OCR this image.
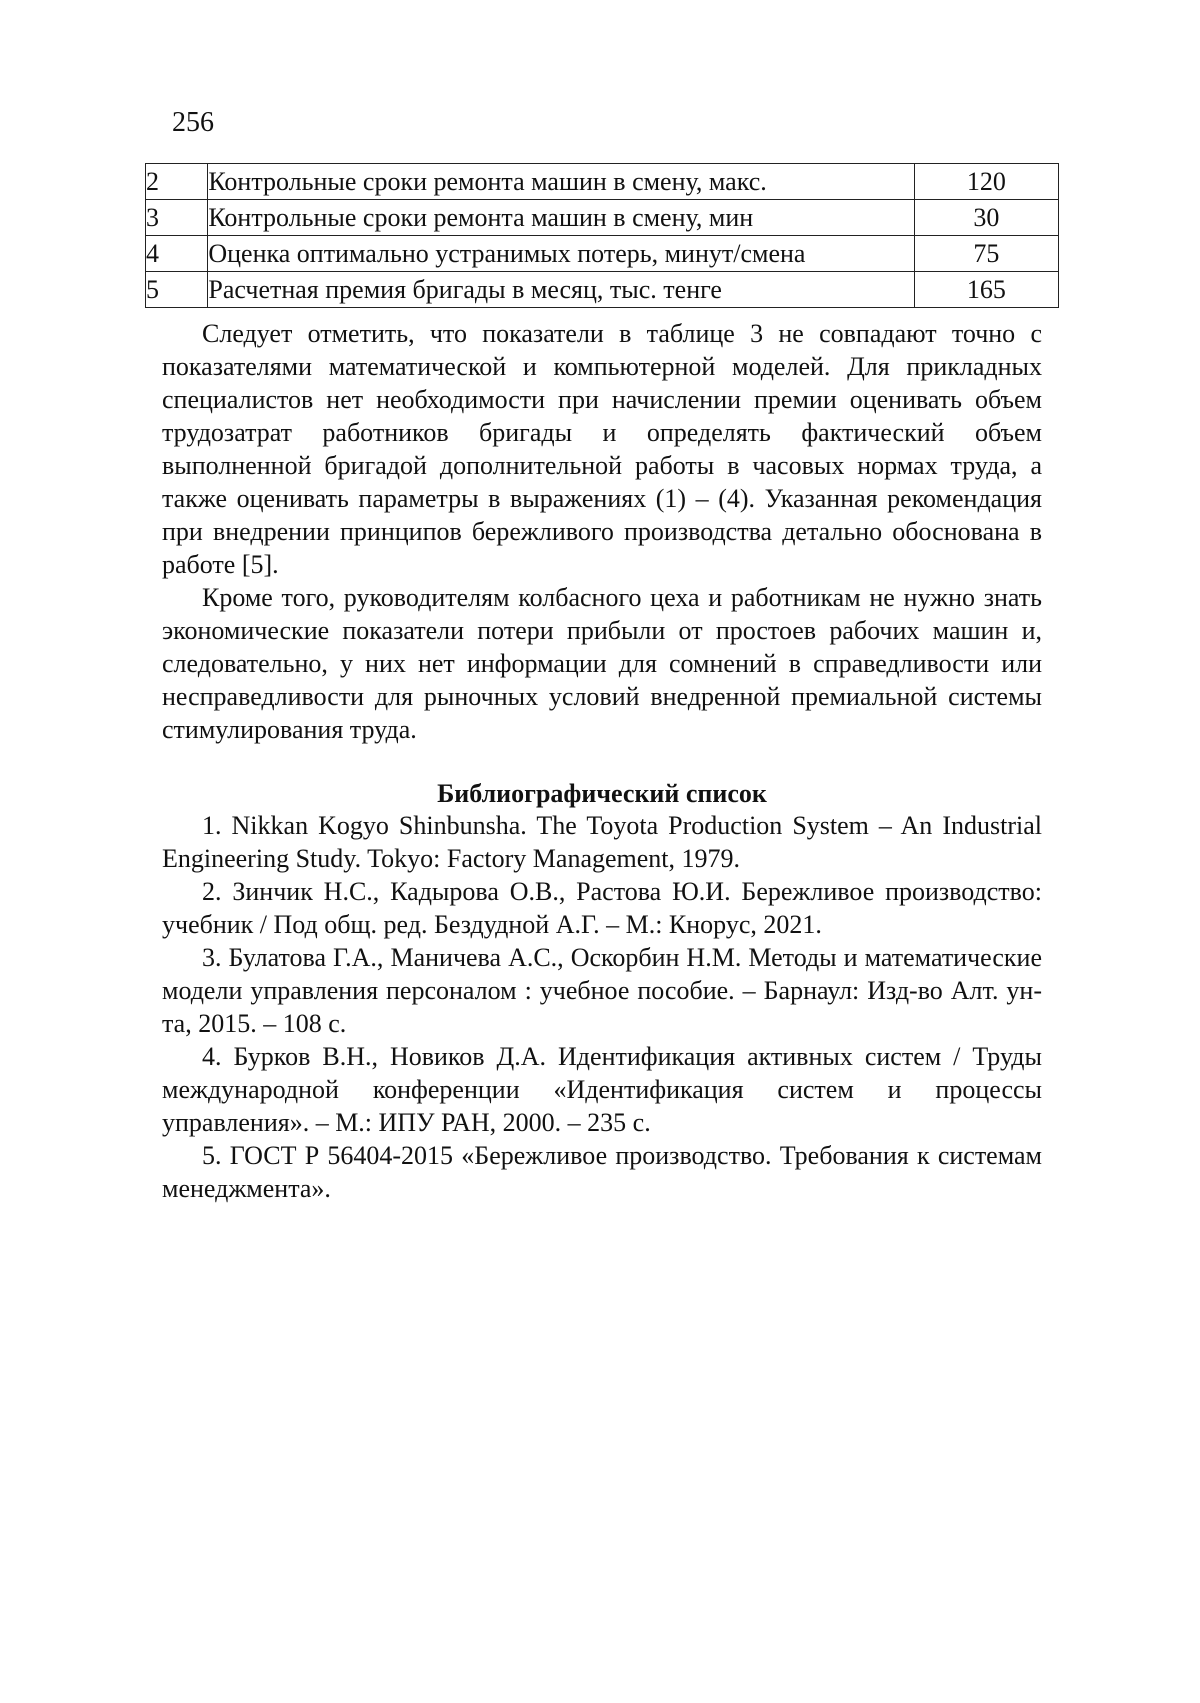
256
2	Контрольные сроки ремонта машин в смену, макс.	120
3	Контрольные сроки ремонта машин в смену, мин	30
4	Оценка оптимально устранимых потерь, минут/смена	75
5	Расчетная премия бригады в месяц, тыс. тенге	165

Следует отметить, что показатели в таблице 3 не совпадают точно с показателями математической и компьютерной моделей. Для прикладных специалистов нет необходимости при начислении премии оценивать объем трудозатрат работников бригады и определять фактический объем выполненной бригадой дополнительной работы в часовых нормах труда, а также оценивать параметры в выражениях (1) – (4). Указанная рекомендация при внедрении принципов бережливого производства детально обоснована в работе [5].

Кроме того, руководителям колбасного цеха и работникам не нужно знать экономические показатели потери прибыли от простоев рабочих машин и, следовательно, у них нет информации для сомнений в справедливости или несправедливости для рыночных условий внедренной премиальной системы стимулирования труда.

Библиографический список

1. Nikkan Kogyo Shinbunsha. The Toyota Production System – An Industrial Engineering Study. Tokyo: Factory Management, 1979.

2. Зинчик Н.С., Кадырова О.В., Растова Ю.И. Бережливое производство: учебник / Под общ. ред. Бездудной А.Г. – М.: Кнорус, 2021.

3. Булатова Г.А., Маничева А.С., Оскорбин Н.М. Методы и математические модели управления персоналом : учебное пособие. – Барнаул: Изд-во Алт. ун-та, 2015. – 108 с.

4. Бурков В.Н., Новиков Д.А. Идентификация активных систем / Труды международной конференции «Идентификация систем и процессы управления». – М.: ИПУ РАН, 2000. – 235 с.

5. ГОСТ Р 56404-2015 «Бережливое производство. Требования к системам менеджмента».
